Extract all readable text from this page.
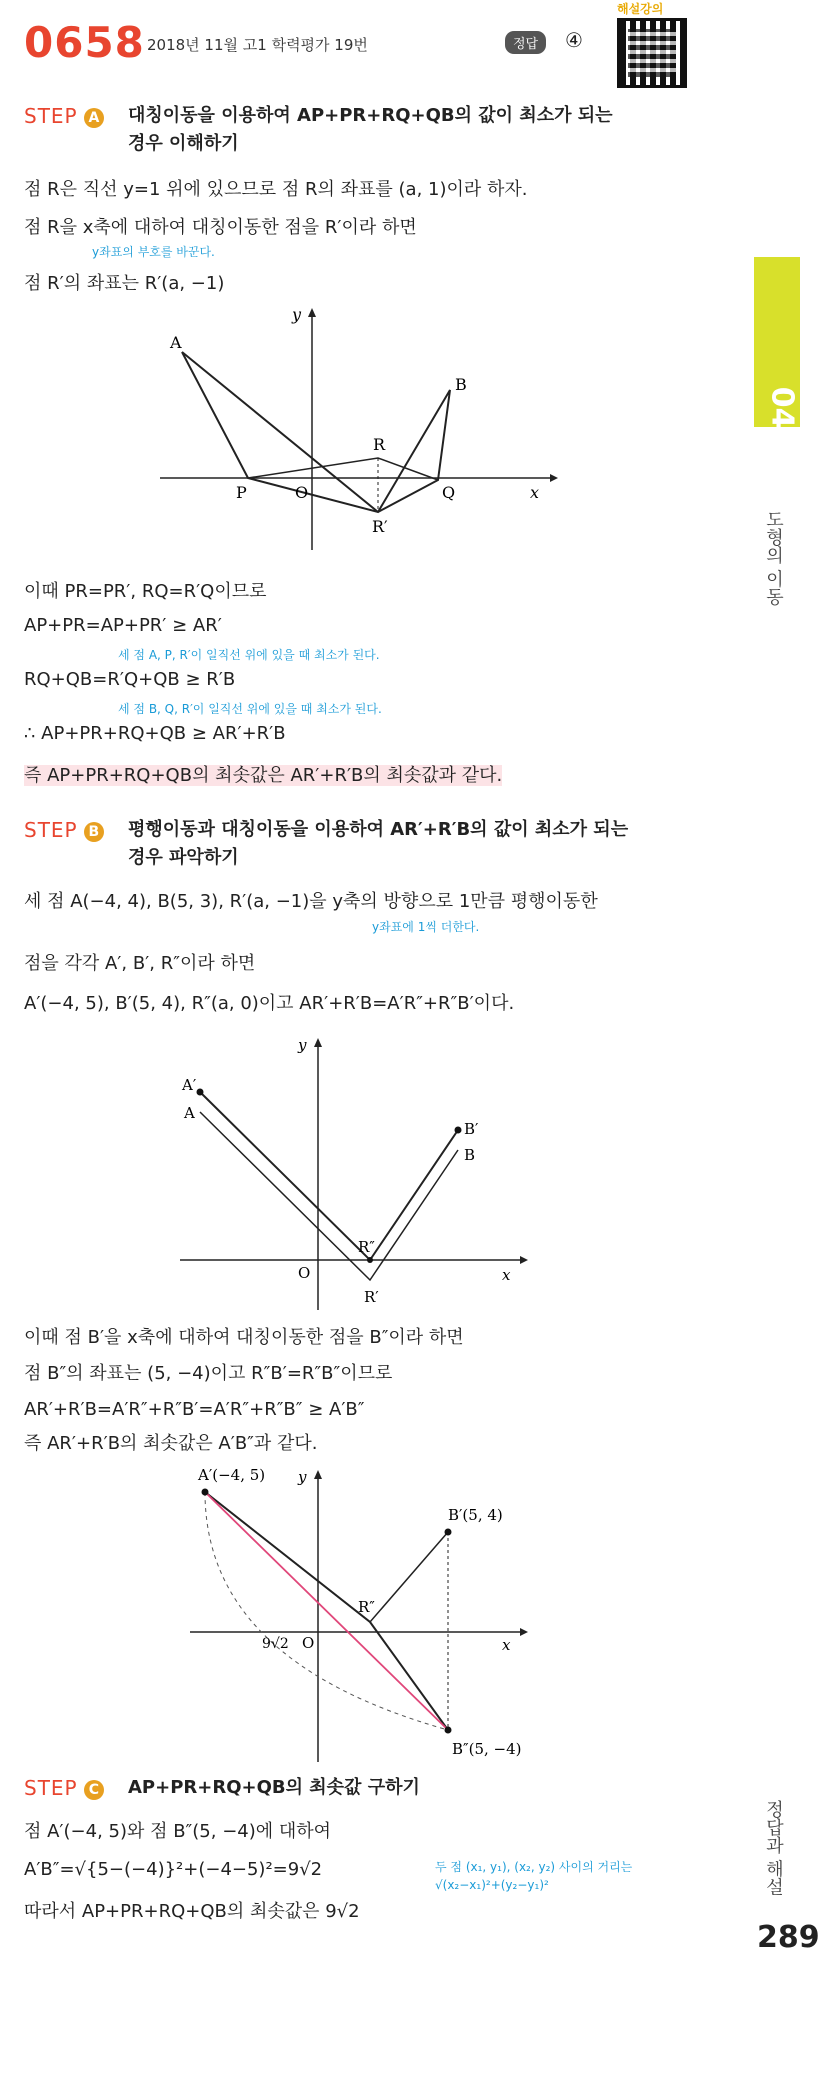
0658 2018년 11월 고1 학력평가 19번	정답	④
해설강의
04
도형의 이동
정답과 해설
289
STEP A 대칭이동을 이용하여 AP+PR+RQ+QB의 값이 최소가 되는
경우 이해하기
점 R은 직선 y=1 위에 있으므로 점 R의 좌표를 (a, 1)이라 하자.
점 R을 x축에 대하여 대칭이동한 점을 R′이라 하면
y좌표의 부호를 바꾼다.
점 R′의 좌표는 R′(a, −1)
A
B
P	O	Q
R
R′
x
y
이때 PR=PR′, RQ=R′Q이므로
AP+PR=AP+PR′ ≥ AR′
세 점 A, P, R′이 일직선 위에 있을 때 최소가 된다.
RQ+QB=R′Q+QB ≥ R′B
세 점 B, Q, R′이 일직선 위에 있을 때 최소가 된다.
∴ AP+PR+RQ+QB ≥ AR′+R′B
즉 AP+PR+RQ+QB의 최솟값은 AR′+R′B의 최솟값과 같다.
STEP B 평행이동과 대칭이동을 이용하여 AR′+R′B의 값이 최소가 되는
경우 파악하기
세 점 A(−4, 4), B(5, 3), R′(a, −1)을 y축의 방향으로 1만큼 평행이동한
y좌표에 1씩 더한다.
점을 각각 A′, B′, R″이라 하면
A′(−4, 5), B′(5, 4), R″(a, 0)이고 AR′+R′B=A′R″+R″B′이다.
A′
A
B′
B
R″
R′
O	x
y
이때 점 B′을 x축에 대하여 대칭이동한 점을 B″이라 하면
점 B″의 좌표는 (5, −4)이고 R″B′=R″B″이므로
AR′+R′B=A′R″+R″B′=A′R″+R″B″ ≥ A′B″
즉 AR′+R′B의 최솟값은 A′B″과 같다.
A′(−4, 5)
B′(5, 4)
R″
9√2 O	x
y
B″(5, −4)
STEP C AP+PR+RQ+QB의 최솟값 구하기
점 A′(−4, 5)와 점 B″(5, −4)에 대하여
A′B″=√{5−(−4)}²+(−4−5)²=9√2	두 점 (x₁, y₁), (x₂, y₂) 사이의 거리는
√(x₂−x₁)²+(y₂−y₁)²
따라서 AP+PR+RQ+QB의 최솟값은 9√2
